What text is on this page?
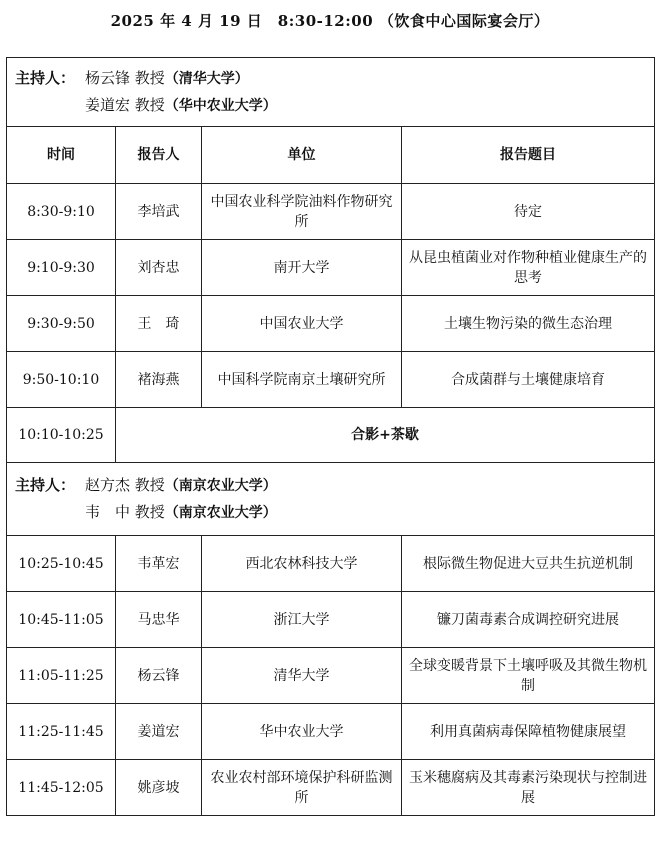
2025 年 4 月 19 日　8:30-12:00 （饮食中心国际宴会厅）
主持人： 杨云锋 教授（清华大学）
姜道宏 教授（华中农业大学）			

时间	报告人	单位	报告题目
8:30-9:10	李培武	中国农业科学院油料作物研究所	待定
9:10-9:30	刘杏忠	南开大学	从昆虫植菌业对作物种植业健康生产的思考
9:30-9:50	王　琦	中国农业大学	土壤生物污染的微生态治理
9:50-10:10	褚海燕	中国科学院南京土壤研究所	合成菌群与土壤健康培育
10:10-10:25	合影+茶歇		

主持人： 赵方杰 教授（南京农业大学）
韦　中 教授（南京农业大学）			

10:25-10:45	韦革宏	西北农林科技大学	根际微生物促进大豆共生抗逆机制
10:45-11:05	马忠华	浙江大学	镰刀菌毒素合成调控研究进展
11:05-11:25	杨云锋	清华大学	全球变暖背景下土壤呼吸及其微生物机制
11:25-11:45	姜道宏	华中农业大学	利用真菌病毒保障植物健康展望
11:45-12:05	姚彦坡	农业农村部环境保护科研监测所	玉米穗腐病及其毒素污染现状与控制进展
